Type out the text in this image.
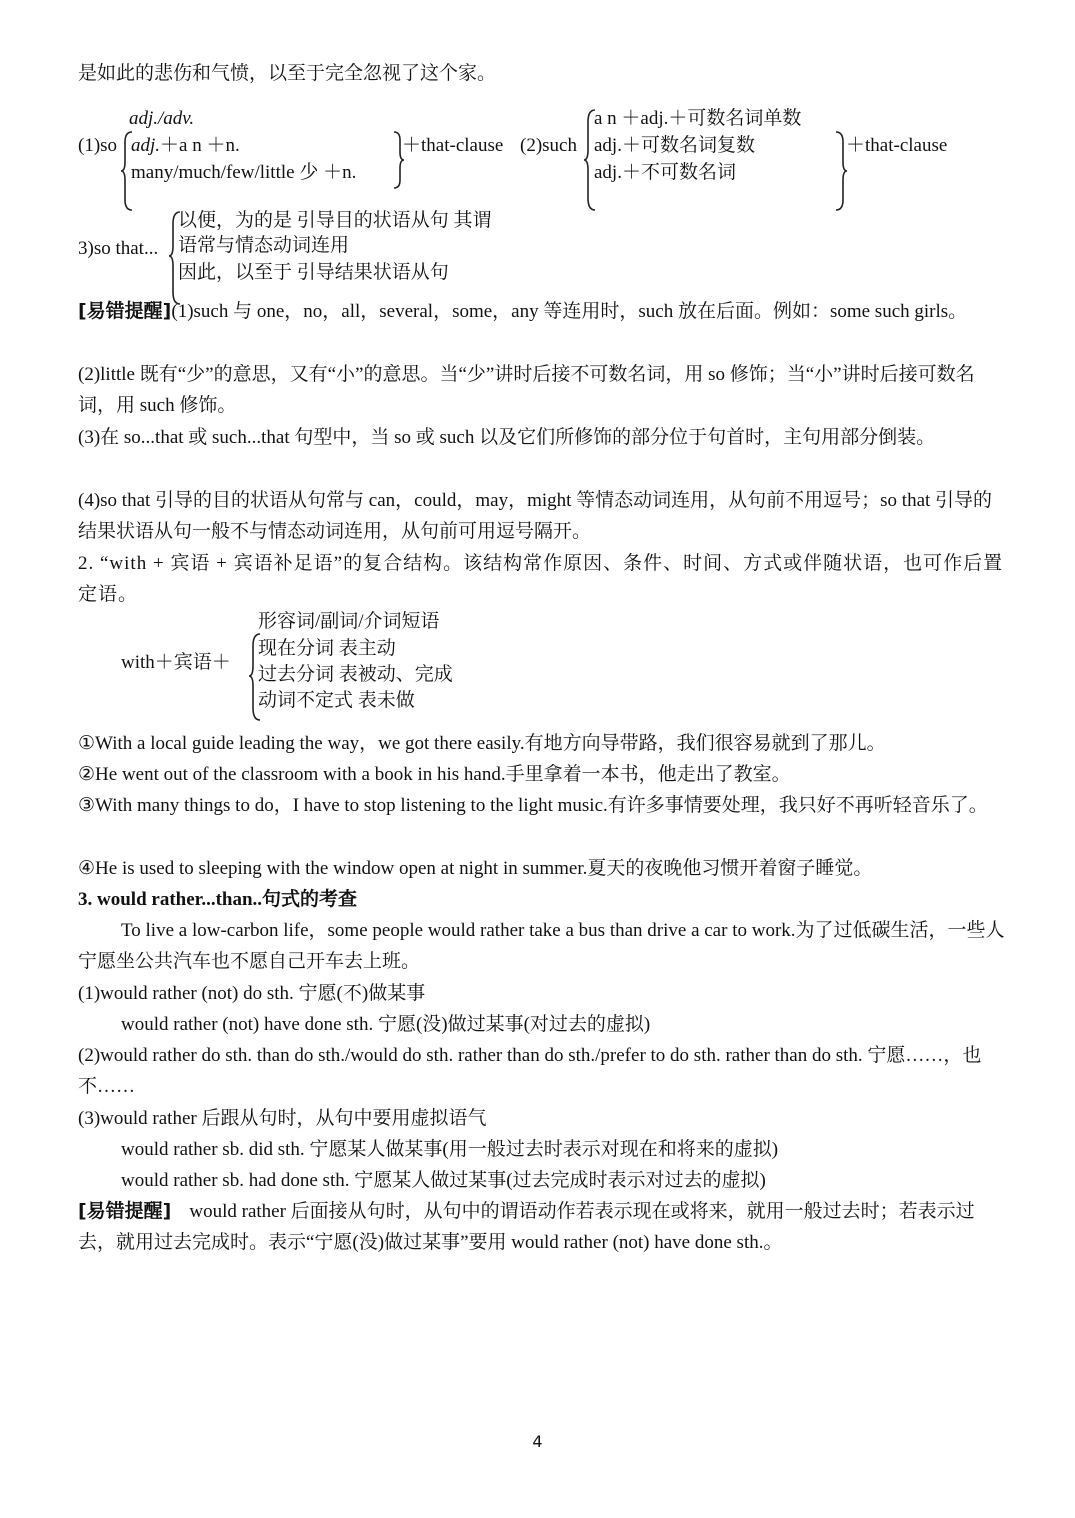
是如此的悲伤和气愤，以至于完全忽视了这个家。
adj./adv.
(1)so adj.＋a n ＋n.
many/much/few/little 少 ＋n.
＋that-clause (2)such
a n ＋adj.＋可数名词单数
adj.＋可数名词复数
adj.＋不可数名词
＋that-clause
3)so that...
以便，为的是 引导目的状语从句 其谓
语常与情态动词连用
因此，以至于 引导结果状语从句
[易错提醒](1)such 与 one，no，all，several，some，any 等连用时，such 放在后面。例如：some such girls。
(2)little 既有“少”的意思，又有“小”的意思。当“少”讲时后接不可数名词，用 so 修饰；当“小”讲时后接可数名词，用 such 修饰。
(3)在 so...that 或 such...that 句型中，当 so 或 such 以及它们所修饰的部分位于句首时，主句用部分倒装。
(4)so that 引导的目的状语从句常与 can，could，may，might 等情态动词连用，从句前不用逗号；so that 引导的结果状语从句一般不与情态动词连用，从句前可用逗号隔开。
2. “with + 宾语 + 宾语补足语”的复合结构。该结构常作原因、条件、时间、方式或伴随状语，也可作后置定语。
with＋宾语＋
形容词/副词/介词短语
现在分词 表主动
过去分词 表被动、完成
动词不定式 表未做
①With a local guide leading the way，we got there easily.有地方向导带路，我们很容易就到了那儿。
②He went out of the classroom with a book in his hand.手里拿着一本书，他走出了教室。
③With many things to do，I have to stop listening to the light music.有许多事情要处理，我只好不再听轻音乐了。
④He is used to sleeping with the window open at night in summer.夏天的夜晚他习惯开着窗子睡觉。
3. would rather...than..句式的考查
To live a low-carbon life，some people would rather take a bus than drive a car to work.为了过低碳生活，一些人宁愿坐公共汽车也不愿自己开车去上班。
(1)would rather (not) do sth. 宁愿(不)做某事
would rather (not) have done sth. 宁愿(没)做过某事(对过去的虚拟)
(2)would rather do sth. than do sth./would do sth. rather than do sth./prefer to do sth. rather than do sth. 宁愿……，也不……
(3)would rather 后跟从句时，从句中要用虚拟语气
would rather sb. did sth. 宁愿某人做某事(用一般过去时表示对现在和将来的虚拟)
would rather sb. had done sth. 宁愿某人做过某事(过去完成时表示对过去的虚拟)
[易错提醒] would rather 后面接从句时，从句中的谓语动作若表示现在或将来，就用一般过去时；若表示过去，就用过去完成时。表示“宁愿(没)做过某事”要用 would rather (not) have done sth.。
4
